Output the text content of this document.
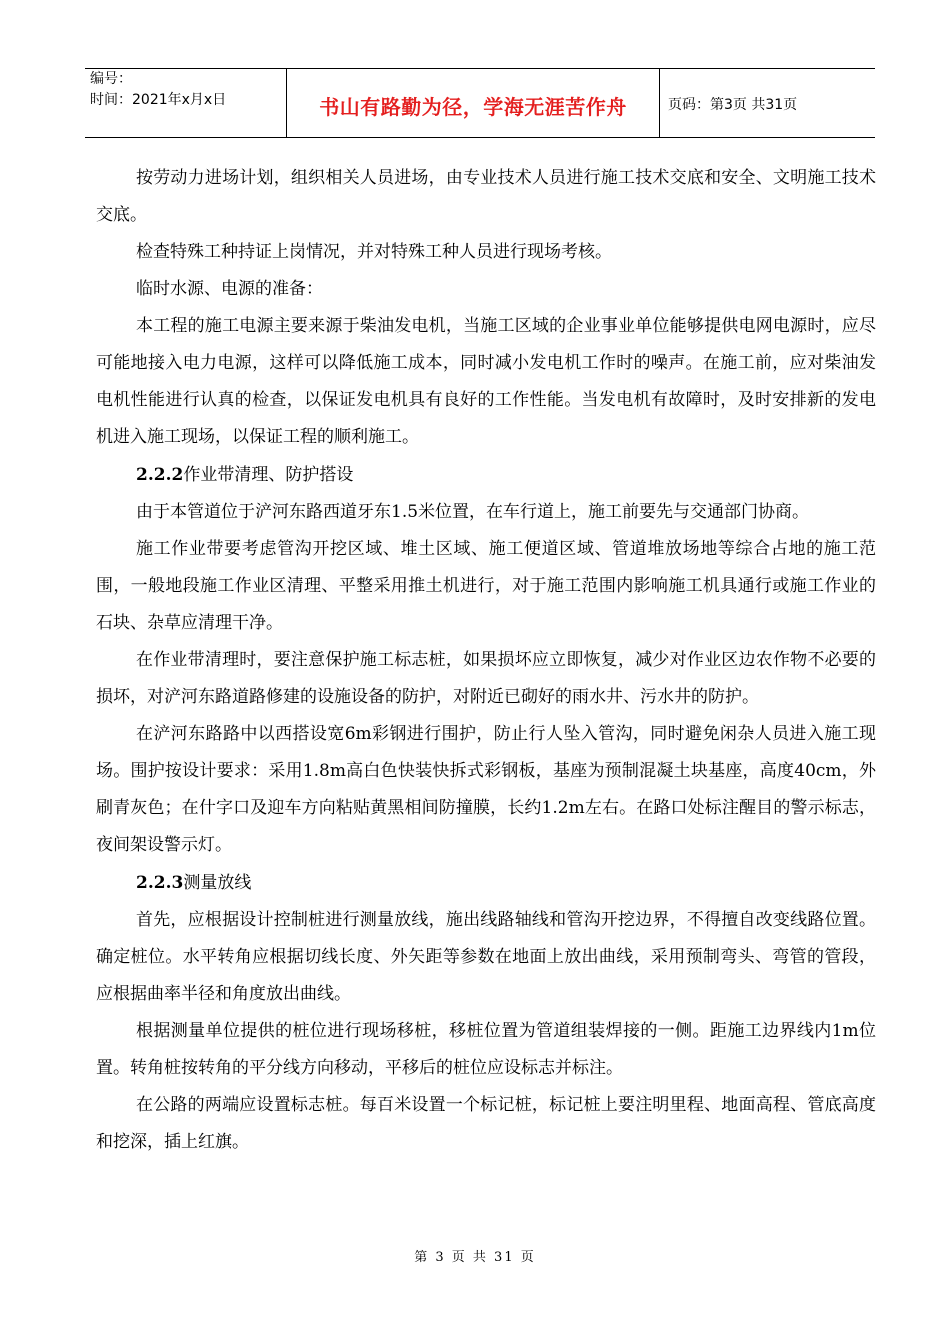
编号：
时间：2021年x月x日	书山有路勤为径，学海无涯苦作舟	页码：第3页 共31页

按劳动力进场计划，组织相关人员进场，由专业技术人员进行施工技术交底和安全、文明施工技术交底。

检查特殊工种持证上岗情况，并对特殊工种人员进行现场考核。

临时水源、电源的准备：

本工程的施工电源主要来源于柴油发电机，当施工区域的企业事业单位能够提供电网电源时，应尽可能地接入电力电源，这样可以降低施工成本，同时减小发电机工作时的噪声。在施工前，应对柴油发电机性能进行认真的检查，以保证发电机具有良好的工作性能。当发电机有故障时，及时安排新的发电机进入施工现场，以保证工程的顺利施工。

2.2.2作业带清理、防护搭设

由于本管道位于浐河东路西道牙东1.5米位置，在车行道上，施工前要先与交通部门协商。

施工作业带要考虑管沟开挖区域、堆土区域、施工便道区域、管道堆放场地等综合占地的施工范围，一般地段施工作业区清理、平整采用推土机进行，对于施工范围内影响施工机具通行或施工作业的石块、杂草应清理干净。

在作业带清理时，要注意保护施工标志桩，如果损坏应立即恢复，减少对作业区边农作物不必要的损坏，对浐河东路道路修建的设施设备的防护，对附近已砌好的雨水井、污水井的防护。

在浐河东路路中以西搭设宽6m彩钢进行围护，防止行人坠入管沟，同时避免闲杂人员进入施工现场。围护按设计要求：采用1.8m高白色快装快拆式彩钢板，基座为预制混凝土块基座，高度40cm，外刷青灰色；在什字口及迎车方向粘贴黄黑相间防撞膜，长约1.2m左右。在路口处标注醒目的警示标志，夜间架设警示灯。

2.2.3测量放线

首先，应根据设计控制桩进行测量放线，施出线路轴线和管沟开挖边界，不得擅自改变线路位置。确定桩位。水平转角应根据切线长度、外矢距等参数在地面上放出曲线，采用预制弯头、弯管的管段，应根据曲率半径和角度放出曲线。

根据测量单位提供的桩位进行现场移桩，移桩位置为管道组装焊接的一侧。距施工边界线内1m位置。转角桩按转角的平分线方向移动，平移后的桩位应设标志并标注。

在公路的两端应设置标志桩。每百米设置一个标记桩，标记桩上要注明里程、地面高程、管底高度和挖深，插上红旗。

第 3 页 共 31 页
